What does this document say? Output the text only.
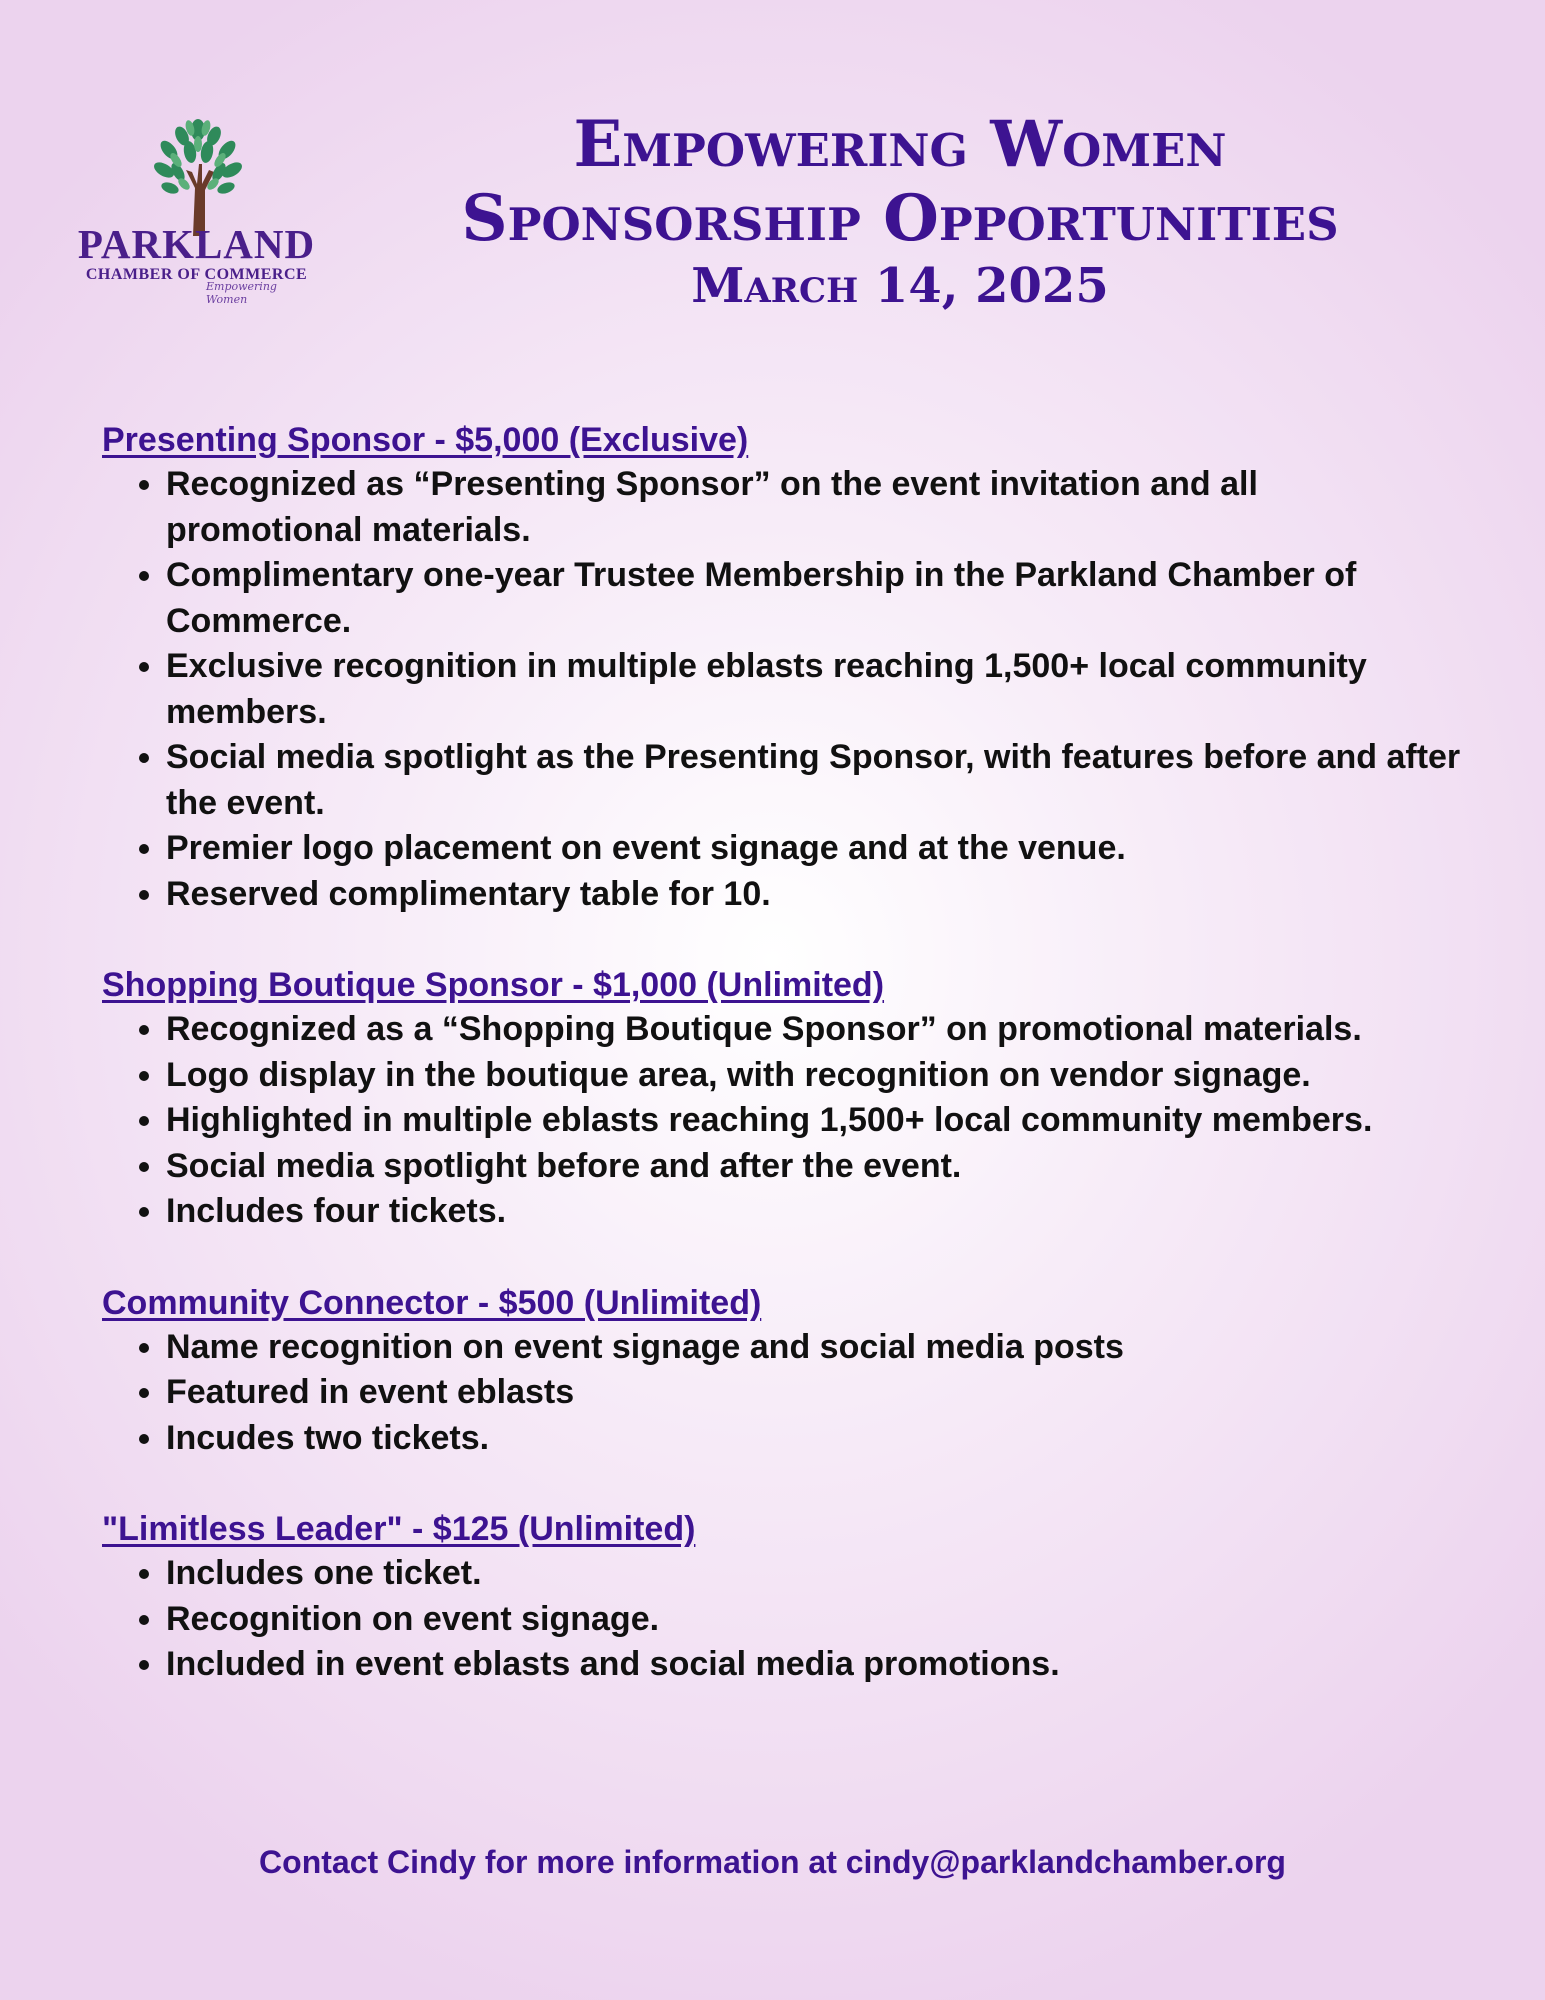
PARKLAND
CHAMBER OF COMMERCE
Empowering Women
Empowering Women
Sponsorship Opportunities
March 14, 2025

Presenting Sponsor - $5,000 (Exclusive)

• Recognized as “Presenting Sponsor” on the event invitation and all promotional materials.
• Complimentary one-year Trustee Membership in the Parkland Chamber of Commerce.
• Exclusive recognition in multiple eblasts reaching 1,500+ local community members.
• Social media spotlight as the Presenting Sponsor, with features before and after the event.
• Premier logo placement on event signage and at the venue.
• Reserved complimentary table for 10.

Shopping Boutique Sponsor - $1,000 (Unlimited)

• Recognized as a “Shopping Boutique Sponsor” on promotional materials.
• Logo display in the boutique area, with recognition on vendor signage.
• Highlighted in multiple eblasts reaching 1,500+ local community members.
• Social media spotlight before and after the event.
• Includes four tickets.

Community Connector - $500 (Unlimited)

• Name recognition on event signage and social media posts
• Featured in event eblasts
• Incudes two tickets.

"Limitless Leader" - $125 (Unlimited)

• Includes one ticket.
• Recognition on event signage.
• Included in event eblasts and social media promotions.
Contact Cindy for more information at cindy@parklandchamber.org
